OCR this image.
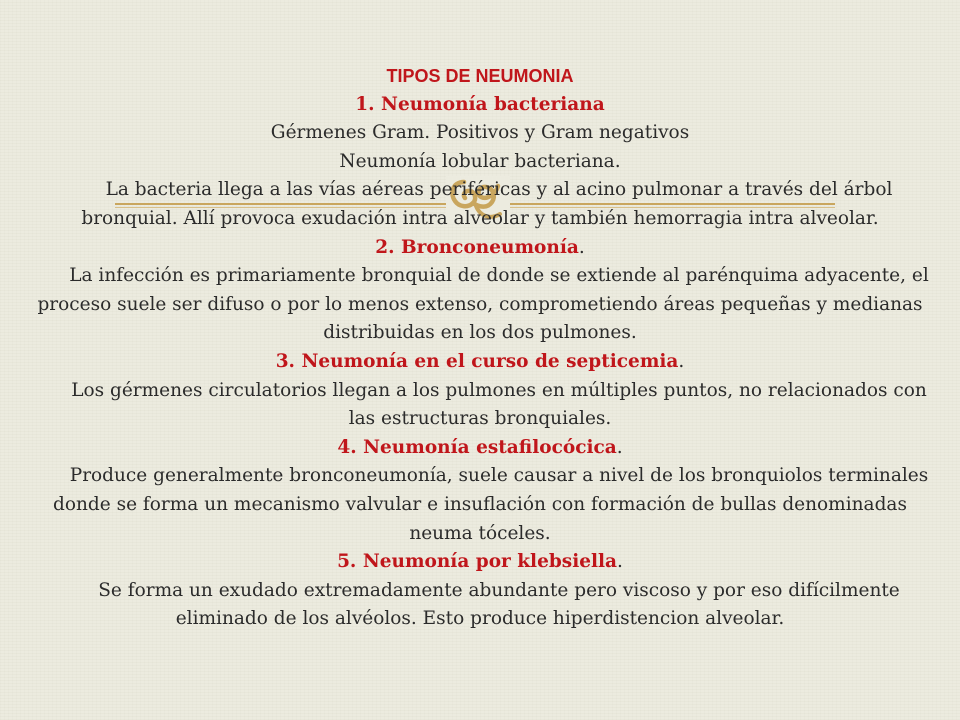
TIPOS DE NEUMONIA

1. Neumonía bacteriana

Gérmenes Gram. Positivos y Gram negativos

Neumonía lobular bacteriana.

La bacteria llega a las vías aéreas periféricas y al acino pulmonar a través del árbol bronquial. Allí provoca exudación intra alveolar y también hemorragia intra alveolar.

2. Bronconeumonía.

La infección es primariamente bronquial de donde se extiende al parénquima adyacente, el proceso suele ser difuso o por lo menos extenso, comprometiendo áreas pequeñas y medianas distribuidas en los dos pulmones.

3. Neumonía en el curso de septicemia.

Los gérmenes circulatorios llegan a los pulmones en múltiples puntos, no relacionados con las estructuras bronquiales.

4. Neumonía estafilocócica.

Produce generalmente bronconeumonía, suele causar a nivel de los bronquiolos terminales donde se forma un mecanismo valvular e insuflación con formación de bullas denominadas neuma tóceles.

5. Neumonía por klebsiella.

Se forma un exudado extremadamente abundante pero viscoso y por eso difícilmente eliminado de los alvéolos. Esto produce hiperdistencion alveolar.
